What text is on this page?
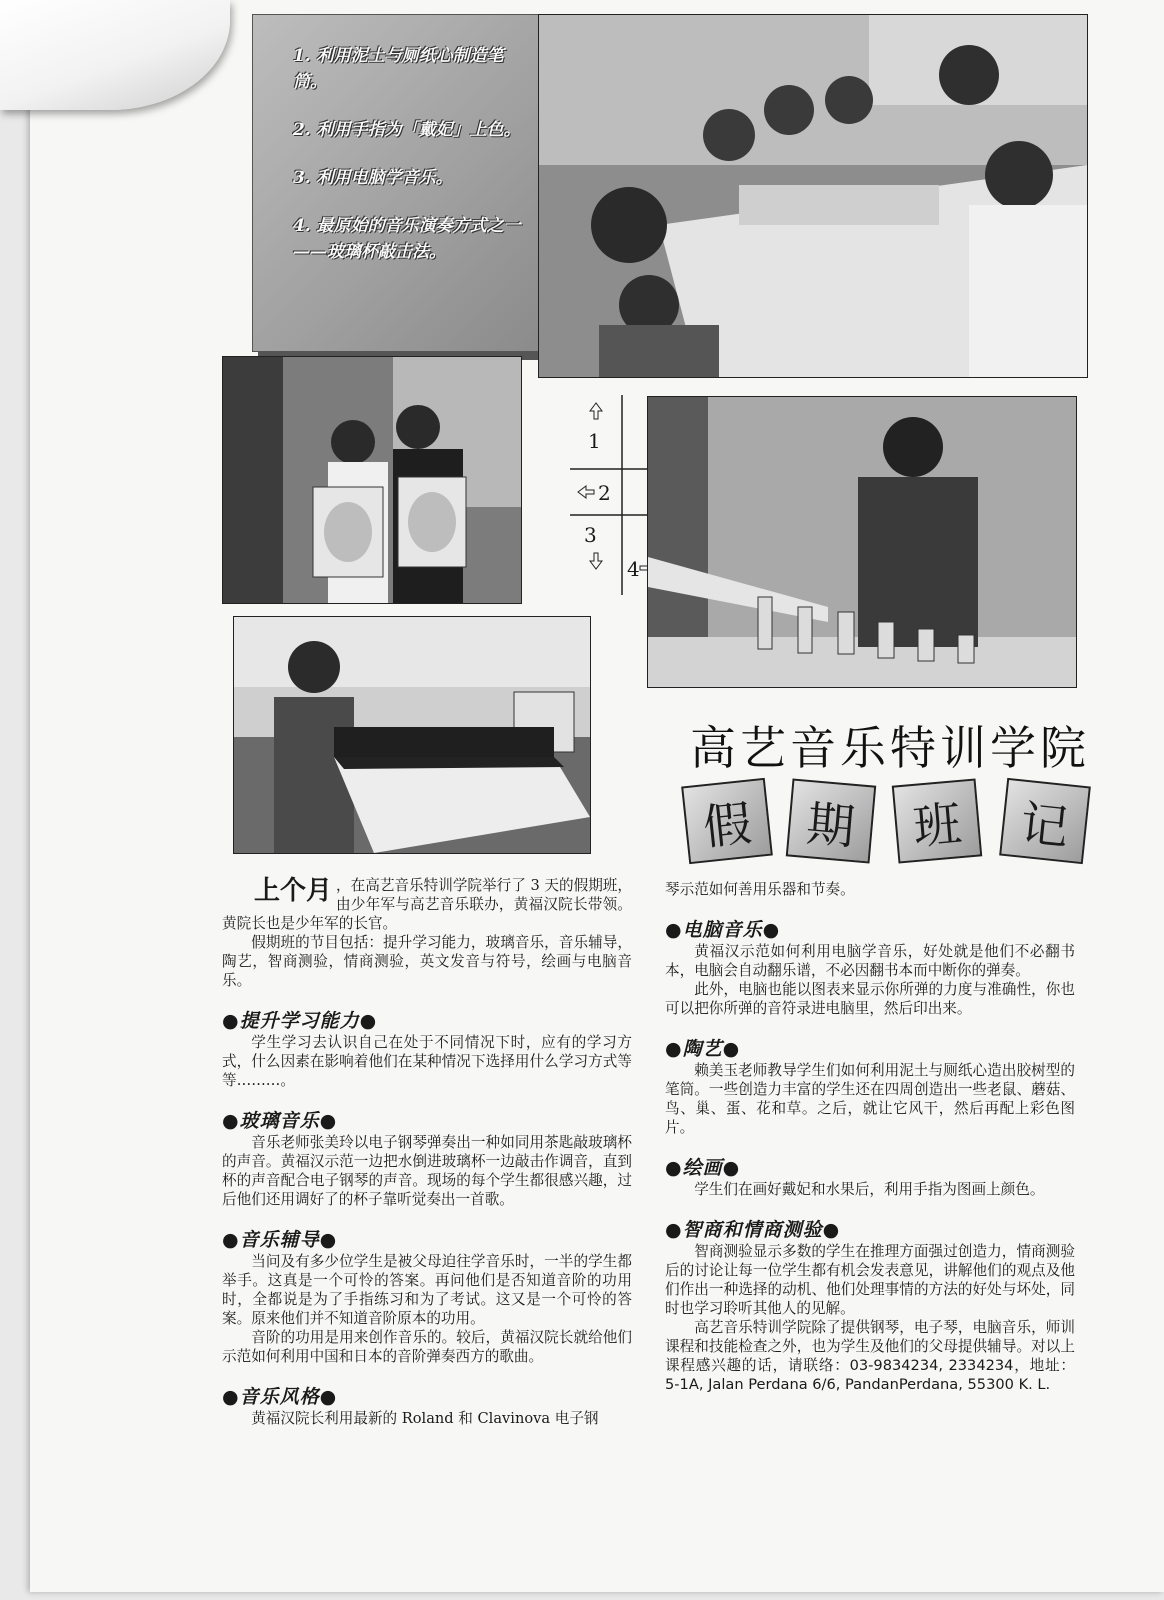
1. 利用泥土与厕纸心制造笔筒。
2. 利用手指为「戴妃」上色。
3. 利用电脑学音乐。
4. 最原始的音乐演奏方式之一——玻璃杯敲击法。
1
2
3
4
高艺音乐特训学院
假	期	班	记

上个月 ，在高艺音乐特训学院举行了 3 天的假期班，由少年军与高艺音乐联办，黄福汉院长带领。黄院长也是少年军的长官。

假期班的节目包括：提升学习能力，玻璃音乐，音乐辅导，陶艺，智商测验，情商测验，英文发音与符号，绘画与电脑音乐。

●提升学习能力●

学生学习去认识自己在处于不同情况下时，应有的学习方式，什么因素在影响着他们在某种情况下选择用什么学习方式等等………。

●玻璃音乐●

音乐老师张美玲以电子钢琴弹奏出一种如同用茶匙敲玻璃杯的声音。黄福汉示范一边把水倒进玻璃杯一边敲击作调音，直到杯的声音配合电子钢琴的声音。现场的每个学生都很感兴趣，过后他们还用调好了的杯子靠听觉奏出一首歌。

●音乐辅导●

当问及有多少位学生是被父母迫往学音乐时，一半的学生都举手。这真是一个可怜的答案。再问他们是否知道音阶的功用时，全都说是为了手指练习和为了考试。这又是一个可怜的答案。原来他们并不知道音阶原本的功用。

音阶的功用是用来创作音乐的。较后，黄福汉院长就给他们示范如何利用中国和日本的音阶弹奏西方的歌曲。

●音乐风格●

黄福汉院长利用最新的 Roland 和 Clavinova 电子钢

琴示范如何善用乐器和节奏。

●电脑音乐●

黄福汉示范如何利用电脑学音乐，好处就是他们不必翻书本，电脑会自动翻乐谱，不必因翻书本而中断你的弹奏。

此外，电脑也能以图表来显示你所弹的力度与准确性，你也可以把你所弹的音符录进电脑里，然后印出来。

●陶艺●

赖美玉老师教导学生们如何利用泥土与厕纸心造出胶树型的笔筒。一些创造力丰富的学生还在四周创造出一些老鼠、蘑菇、鸟、巢、蛋、花和草。之后，就让它风干，然后再配上彩色图片。

●绘画●

学生们在画好戴妃和水果后，利用手指为图画上颜色。

●智商和情商测验●

智商测验显示多数的学生在推理方面强过创造力，情商测验后的讨论让每一位学生都有机会发表意见，讲解他们的观点及他们作出一种选择的动机、他们处理事情的方法的好处与坏处，同时也学习聆听其他人的见解。

高艺音乐特训学院除了提供钢琴，电子琴，电脑音乐，师训课程和技能检查之外，也为学生及他们的父母提供辅导。对以上课程感兴趣的话，请联络：03-9834234, 2334234，地址：5-1A, Jalan Perdana 6/6, PandanPerdana, 55300 K. L.
